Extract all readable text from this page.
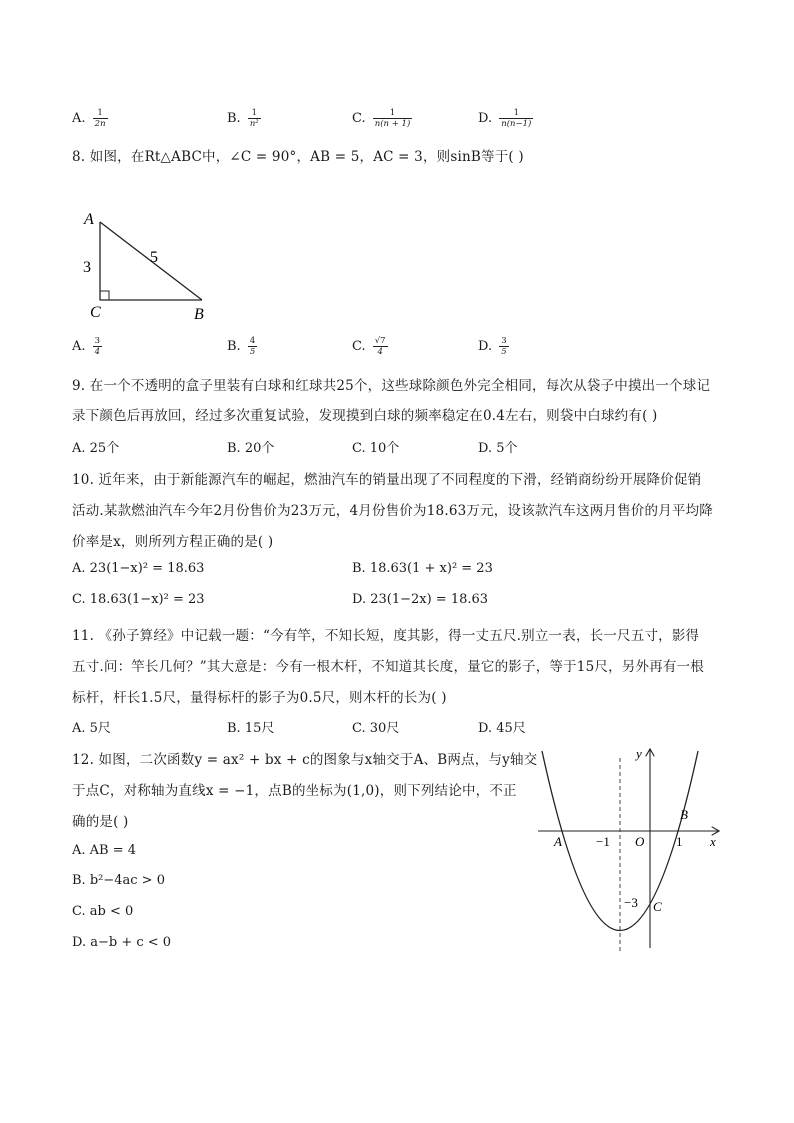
A. $\frac{1}{2n}$	B. $\frac{1}{\text{n²}}$	C. $\frac{1}{n(n + 1)}$	D. $\frac{1}{n(n-1)}$
8. 如图，在Rt△ABC中，∠C = 90°，AB = 5，AC = 3，则sinB等于( )
A
C	B
3
5
A. $\frac{3}{4}$	B. $\frac{4}{5}$	C. $\frac{√7}{4}$	D. $\frac{3}{5}$
9. 在一个不透明的盒子里装有白球和红球共25个，这些球除颜色外完全相同，每次从袋子中摸出一个球记
录下颜色后再放回，经过多次重复试验，发现摸到白球的频率稳定在0.4左右，则袋中白球约有( )
A. 25个	B. 20个	C. 10个	D. 5个
10. 近年来，由于新能源汽车的崛起，燃油汽车的销量出现了不同程度的下滑，经销商纷纷开展降价促销
活动.某款燃油汽车今年2月份售价为23万元，4月份售价为18.63万元，设该款汽车这两月售价的月平均降
价率是x，则所列方程正确的是( )
A. 23(1−x)² = 18.63	B. 18.63(1 + x)² = 23
C. 18.63(1−x)² = 23	D. 23(1−2x) = 18.63
11. 《孙子算经》中记载一题：“今有竿，不知长短，度其影，得一丈五尺.别立一表，长一尺五寸，影得
五寸.问：竿长几何？”其大意是：今有一根木杆，不知道其长度，量它的影子，等于15尺，另外再有一根
标杆，杆长1.5尺，量得标杆的影子为0.5尺，则木杆的长为( )
A. 5尺	B. 15尺	C. 30尺	D. 45尺
12. 如图，二次函数y = ax² + bx + c的图象与x轴交于A、B两点，与y轴交
于点C，对称轴为直线x = −1，点B的坐标为(1,0)，则下列结论中，不正
确的是( )
A. AB = 4
B. b²−4ac > 0
C. ab < 0
D. a−b + c < 0
y
x
A	−1 O 1
B
−3 C
